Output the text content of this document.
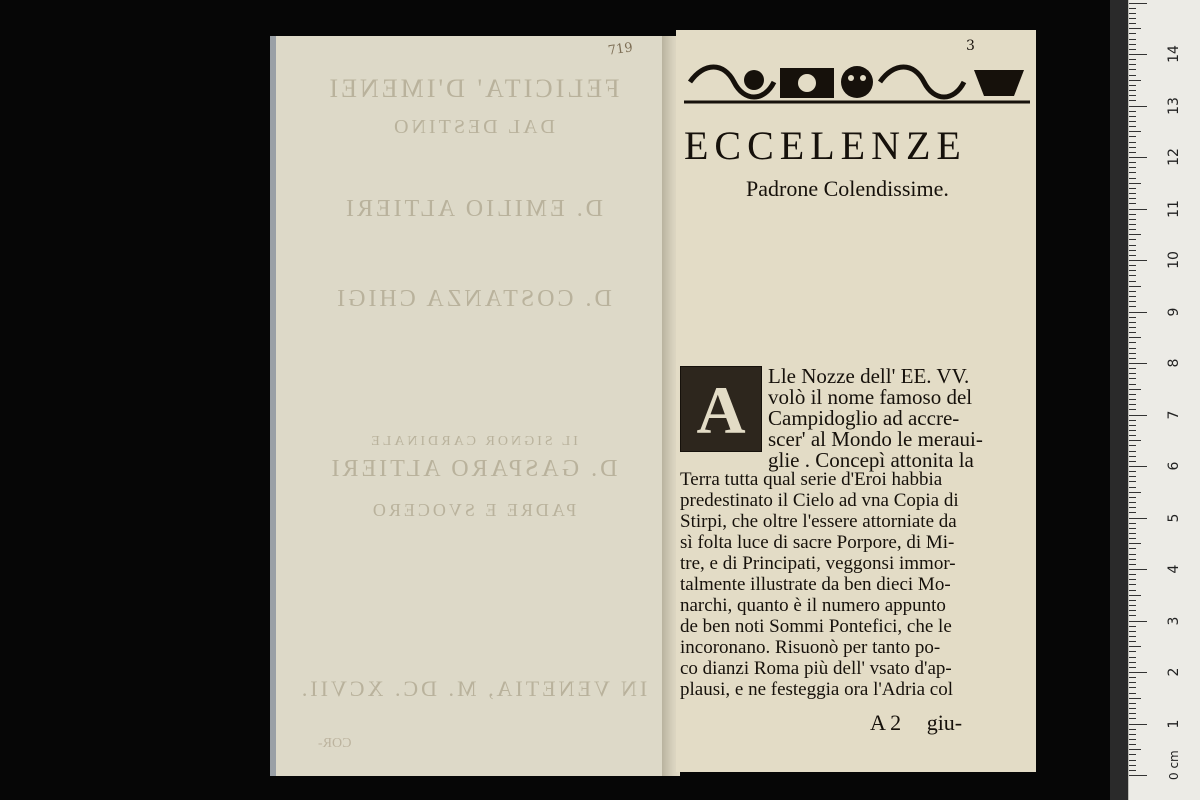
0 cm
1
2
3
4
5
6
7
8
9
10
11
12
13
14
719
COR-
FELICITA' D'IMENEI
DAL DESTINO
D. EMILIO ALTIERI
D. COSTANZA CHIGI
IL SIGNOR CARDINALE
D. GASPARO ALTIERI
PADRE E SVOCERO
IN VENETIA, M. DC. XCVII.
3
ECCELENZE
Padrone Colendissime.
A Lle Nozze dell' EE. VV.
volò il nome famoso del
Campidoglio ad accre-
scer' al Mondo le meraui-
glie . Concepì attonita la
Terra tutta qual serie d'Eroi habbia
predestinato il Cielo ad vna Copia di
Stirpi, che oltre l'essere attorniate da
sì folta luce di sacre Porpore, di Mi-
tre, e di Principati, veggonsi immor-
talmente illustrate da ben dieci Mo-
narchi, quanto è il numero appunto
de ben noti Sommi Pontefici, che le
incoronano. Risuonò per tanto po-
co dianzi Roma più dell' vsato d'ap-
plausi, e ne festeggia ora l'Adria col
A 2 giu-
